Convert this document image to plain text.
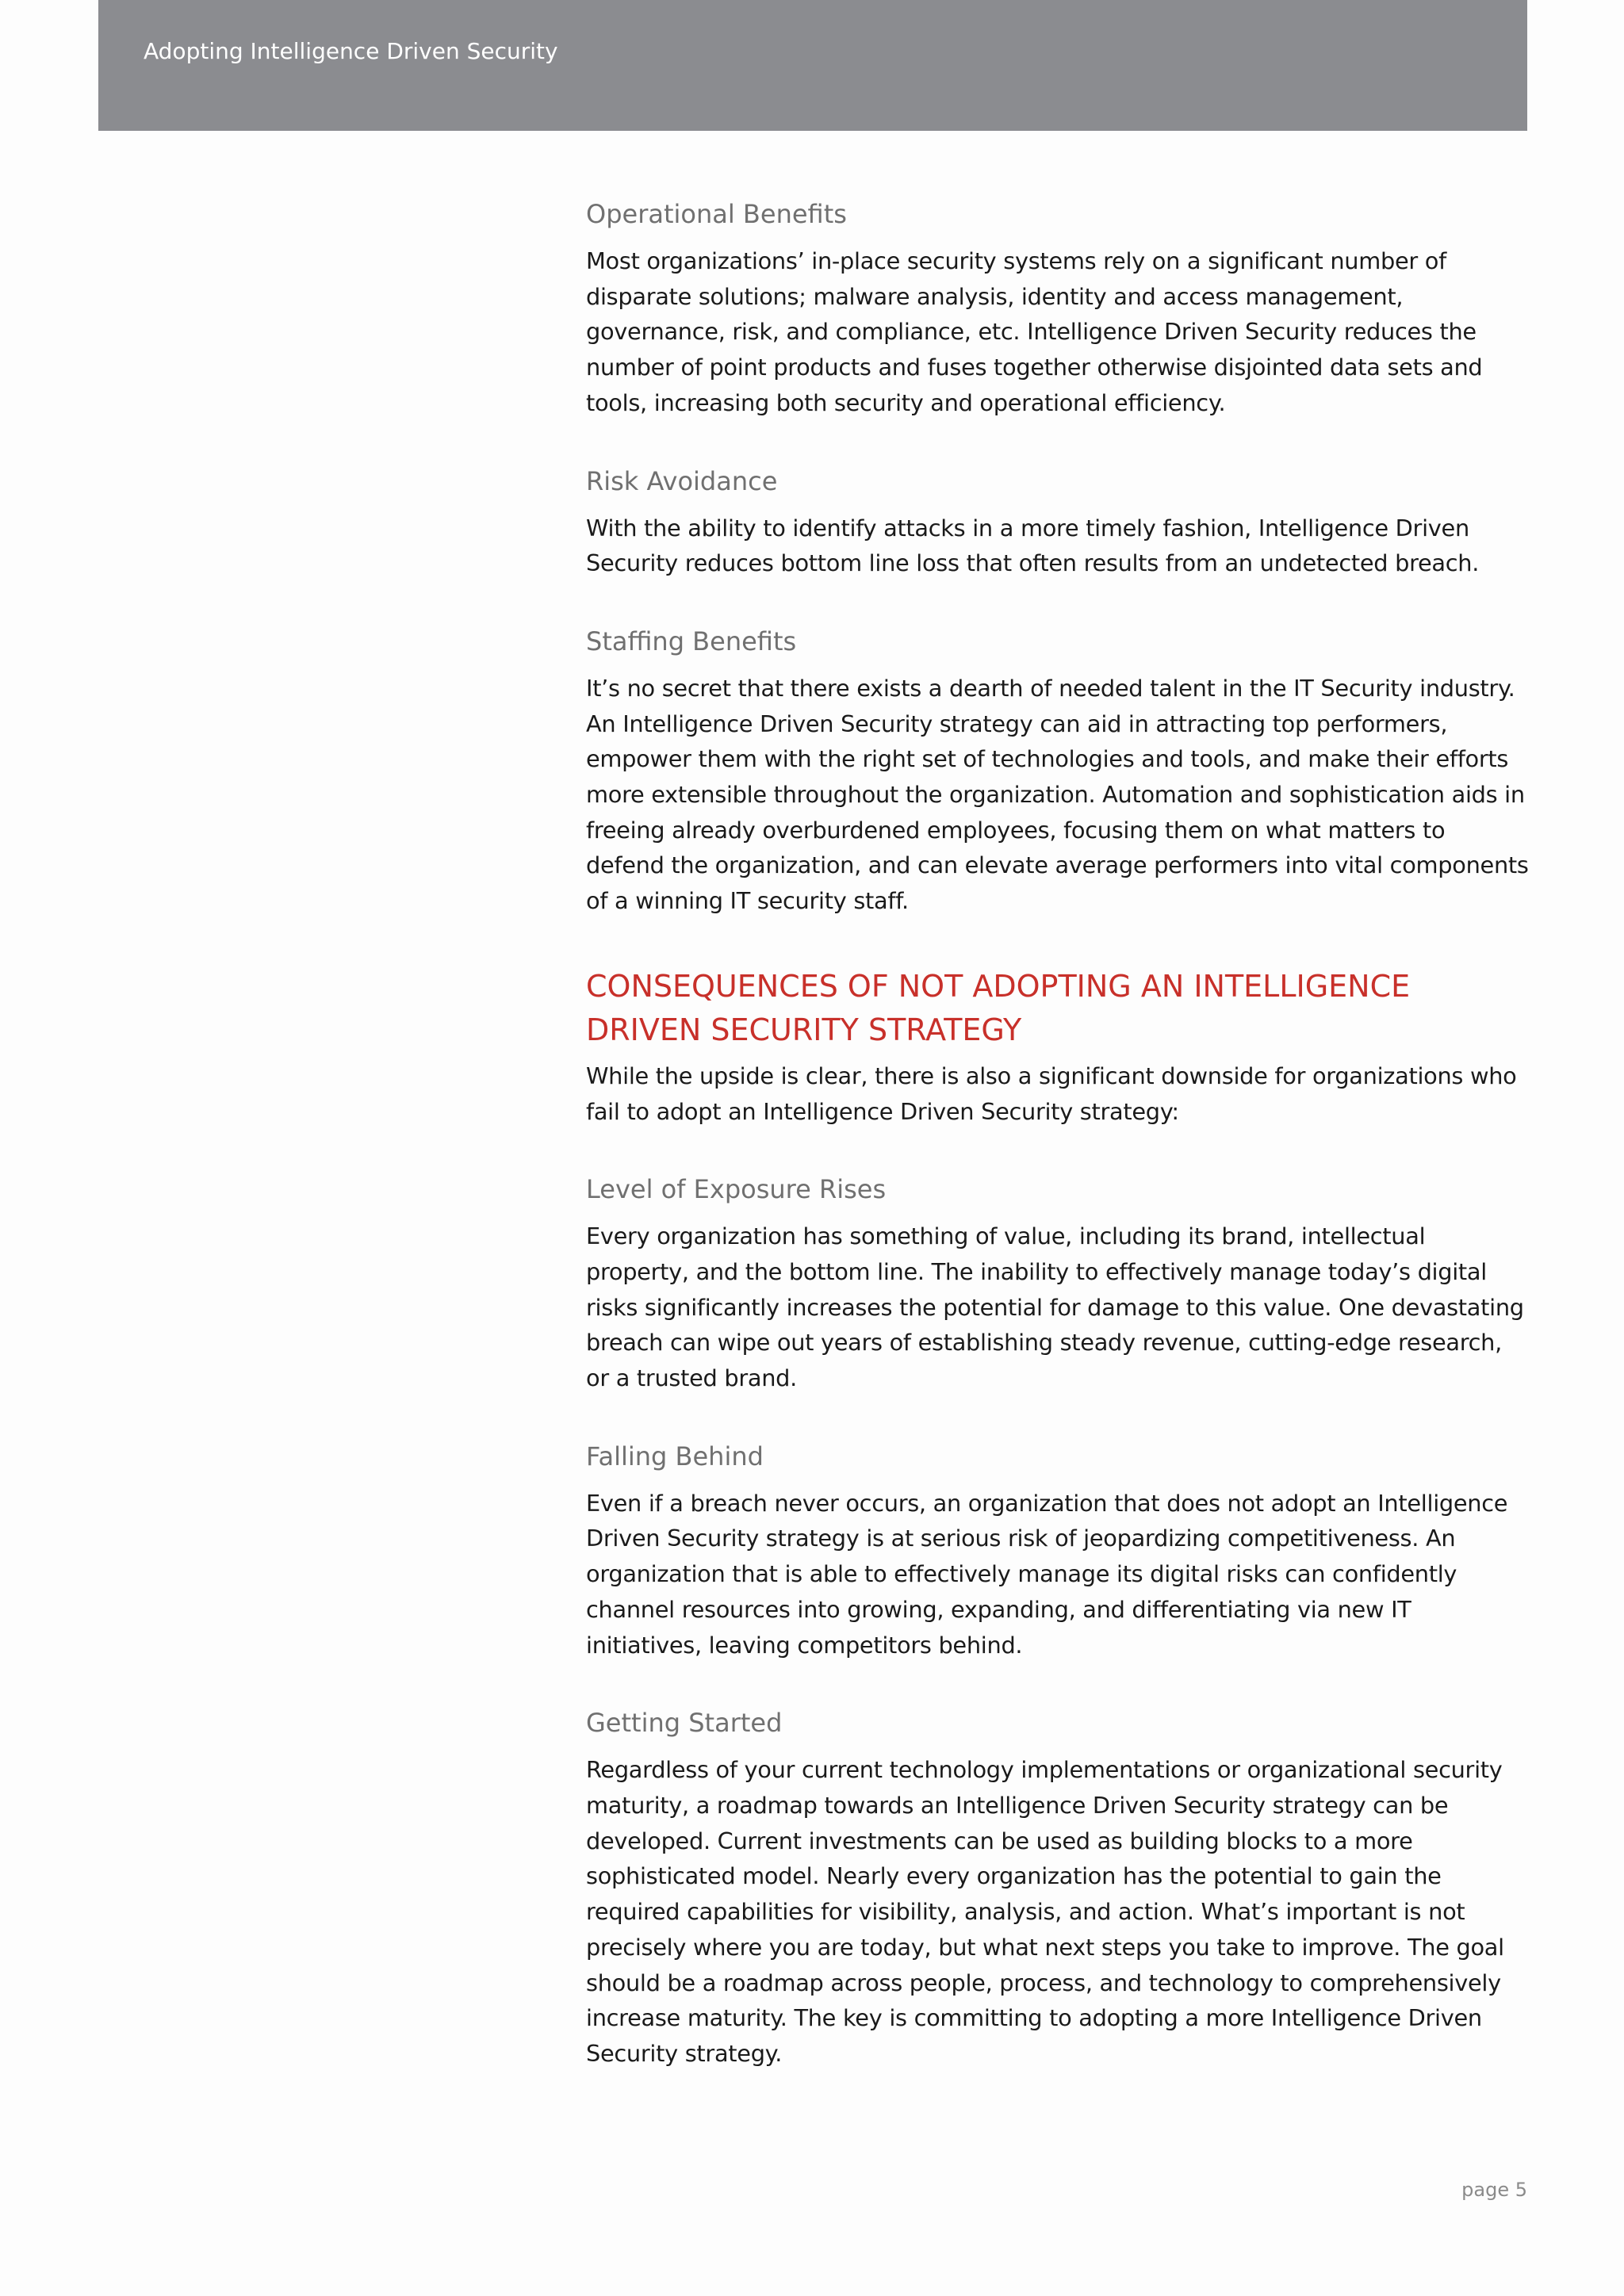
Adopting Intelligence Driven Security
Operational Benefits

Most organizations’ in-place security systems rely on a significant number of disparate solutions; malware analysis, identity and access management, governance, risk, and compliance, etc. Intelligence Driven Security reduces the number of point products and fuses together otherwise disjointed data sets and tools, increasing both security and operational efficiency.

Risk Avoidance

With the ability to identify attacks in a more timely fashion, Intelligence Driven Security reduces bottom line loss that often results from an undetected breach.

Staffing Benefits

It’s no secret that there exists a dearth of needed talent in the IT Security industry. An Intelligence Driven Security strategy can aid in attracting top performers, empower them with the right set of technologies and tools, and make their efforts more extensible throughout the organization. Automation and sophistication aids in freeing already overburdened employees, focusing them on what matters to defend the organization, and can elevate average performers into vital components of a winning IT security staff.

CONSEQUENCES OF NOT ADOPTING AN INTELLIGENCE DRIVEN SECURITY STRATEGY

While the upside is clear, there is also a significant downside for organizations who fail to adopt an Intelligence Driven Security strategy:

Level of Exposure Rises

Every organization has something of value, including its brand, intellectual property, and the bottom line. The inability to effectively manage today’s digital risks significantly increases the potential for damage to this value. One devastating breach can wipe out years of establishing steady revenue, cutting-edge research, or a trusted brand.

Falling Behind

Even if a breach never occurs, an organization that does not adopt an Intelligence Driven Security strategy is at serious risk of jeopardizing competitiveness. An organization that is able to effectively manage its digital risks can confidently channel resources into growing, expanding, and differentiating via new IT initiatives, leaving competitors behind.

Getting Started

Regardless of your current technology implementations or organizational security maturity, a roadmap towards an Intelligence Driven Security strategy can be developed. Current investments can be used as building blocks to a more sophisticated model. Nearly every organization has the potential to gain the required capabilities for visibility, analysis, and action. What’s important is not precisely where you are today, but what next steps you take to improve. The goal should be a roadmap across people, process, and technology to comprehensively increase maturity. The key is committing to adopting a more Intelligence Driven Security strategy.

page 5
